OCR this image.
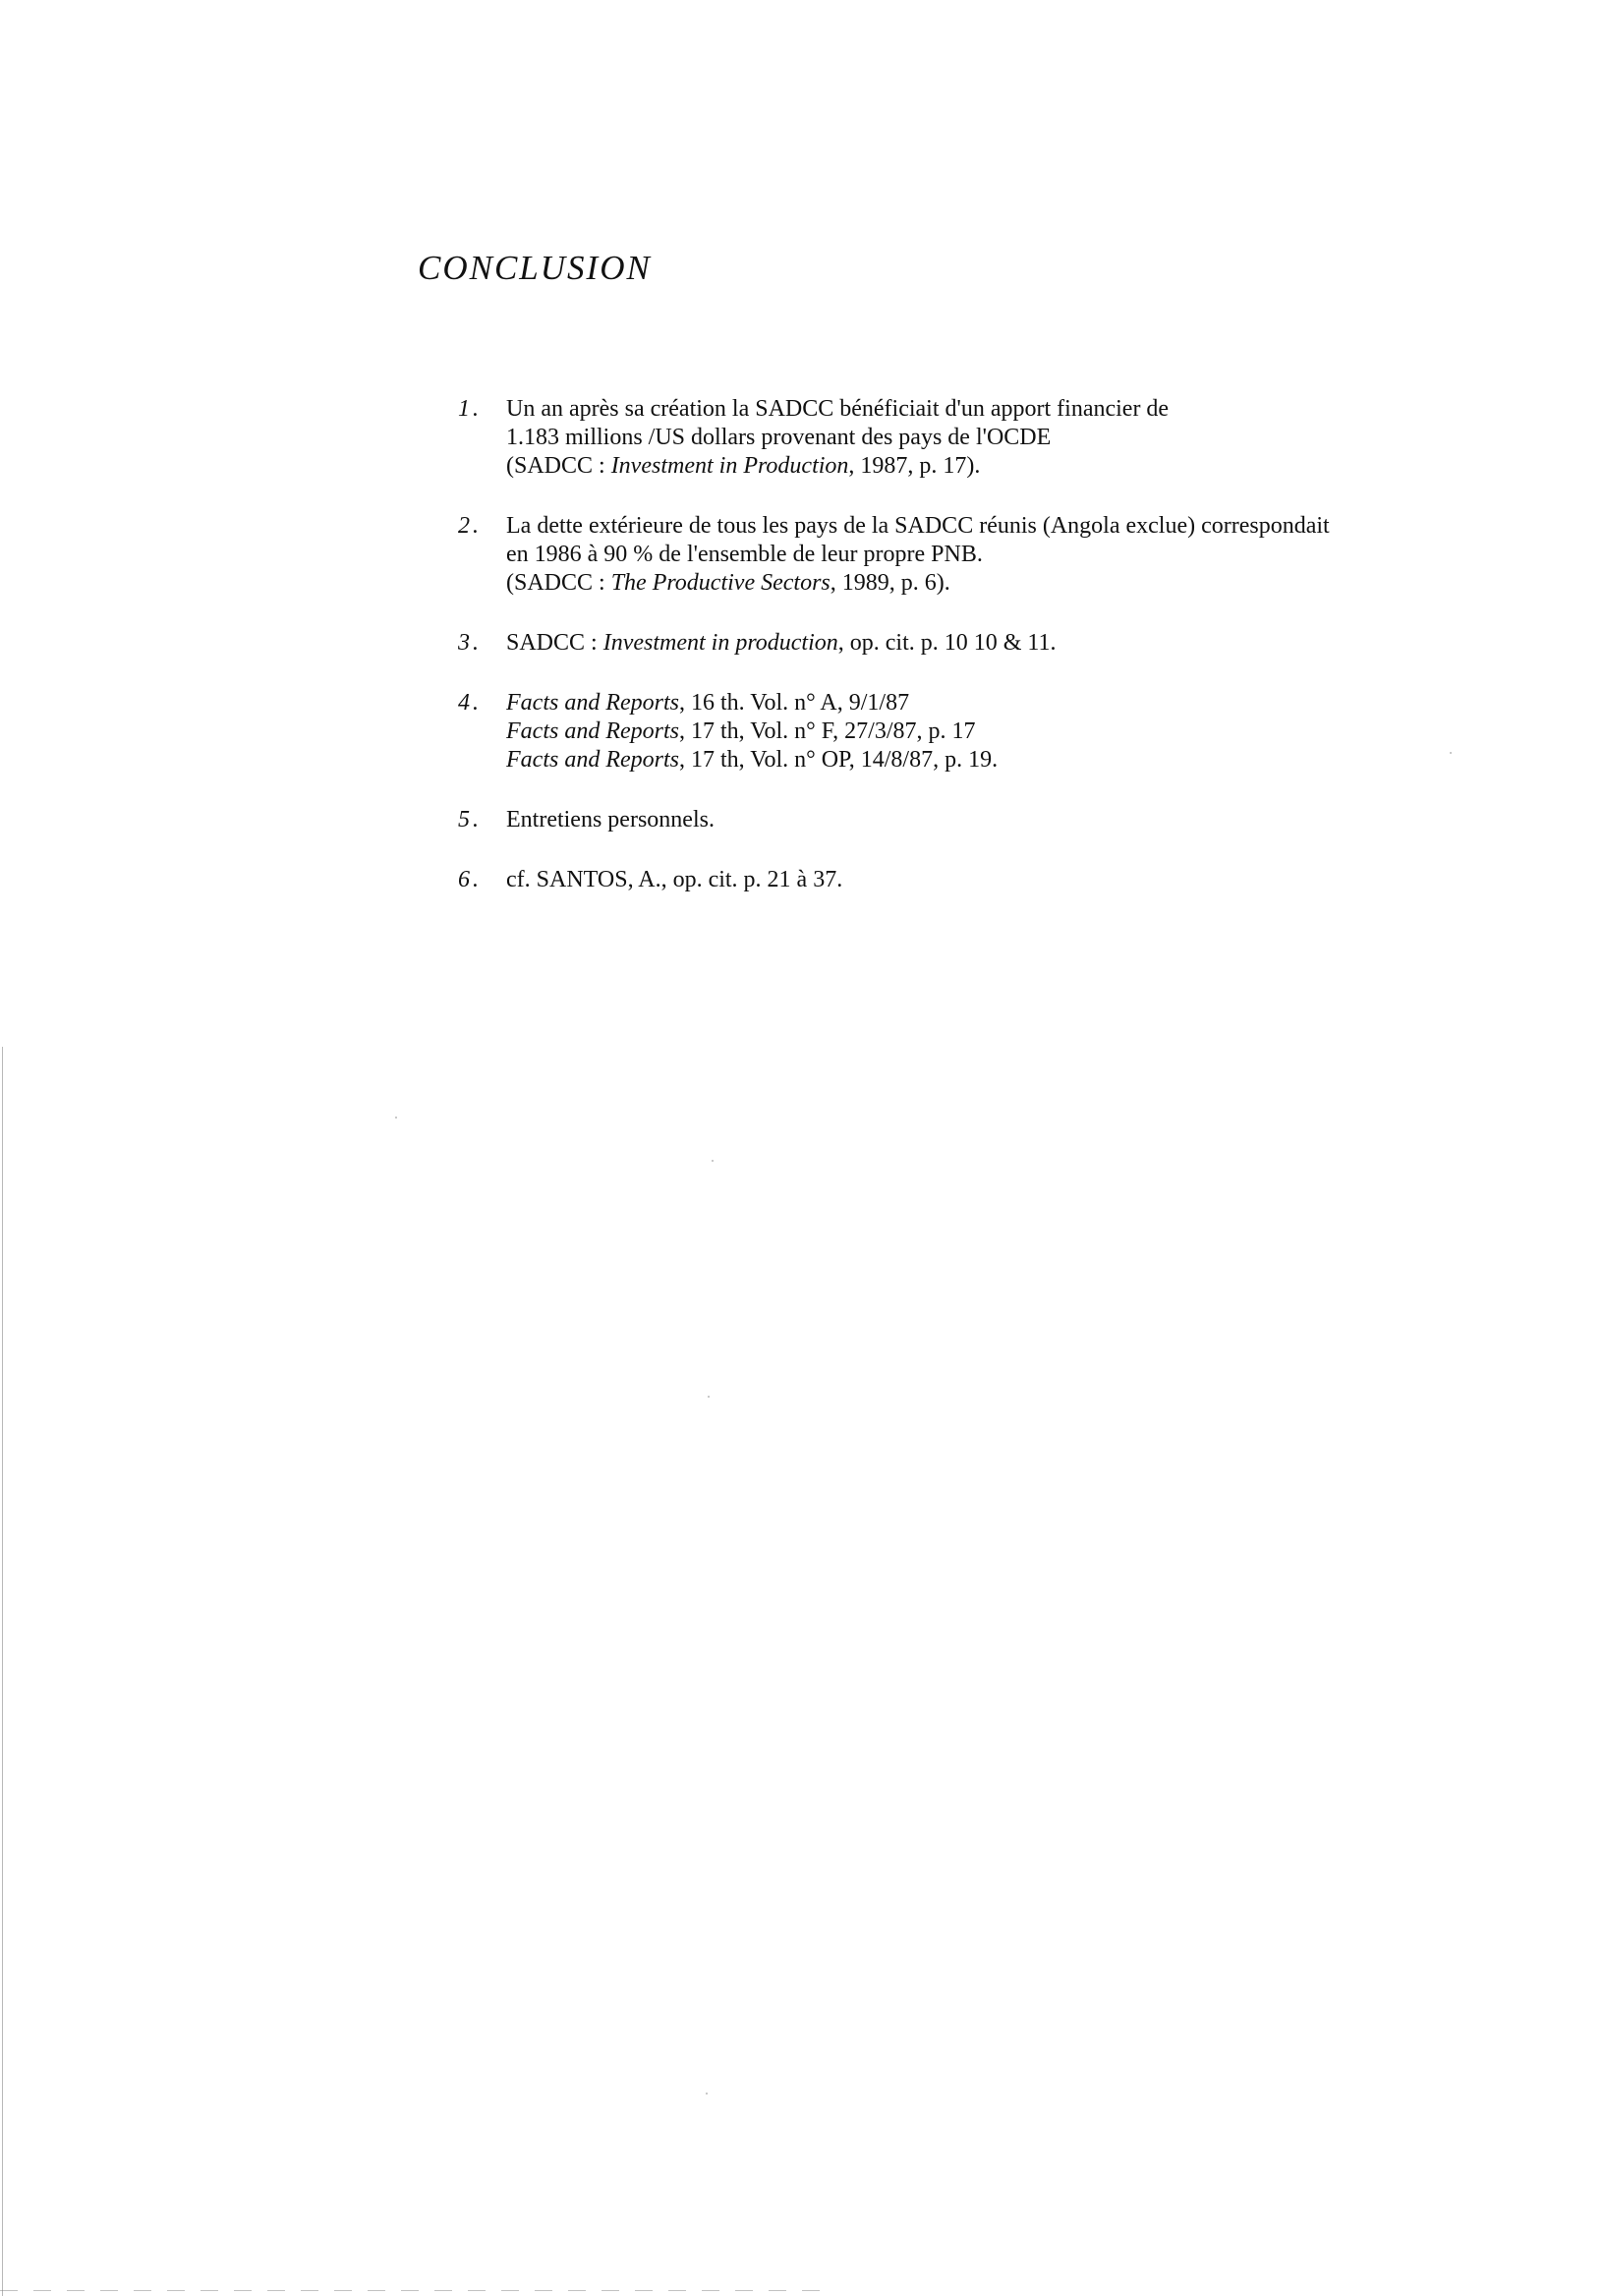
CONCLUSION
1.	Un an après sa création la SADCC bénéficiait d'un apport financier de
1.183 millions /US dollars provenant des pays de l'OCDE
(SADCC : Investment in Production, 1987, p. 17).
2.	La dette extérieure de tous les pays de la SADCC réunis (Angola exclue) correspondait
en 1986 à 90 % de l'ensemble de leur propre PNB.
(SADCC : The Productive Sectors, 1989, p. 6).
3.	SADCC : Investment in production, op. cit. p. 10 10 & 11.
4.	Facts and Reports, 16 th. Vol. n° A, 9/1/87
Facts and Reports, 17 th, Vol. n° F, 27/3/87, p. 17
Facts and Reports, 17 th, Vol. n° OP, 14/8/87, p. 19.
5.	Entretiens personnels.
6.	cf. SANTOS, A., op. cit. p. 21 à 37.
